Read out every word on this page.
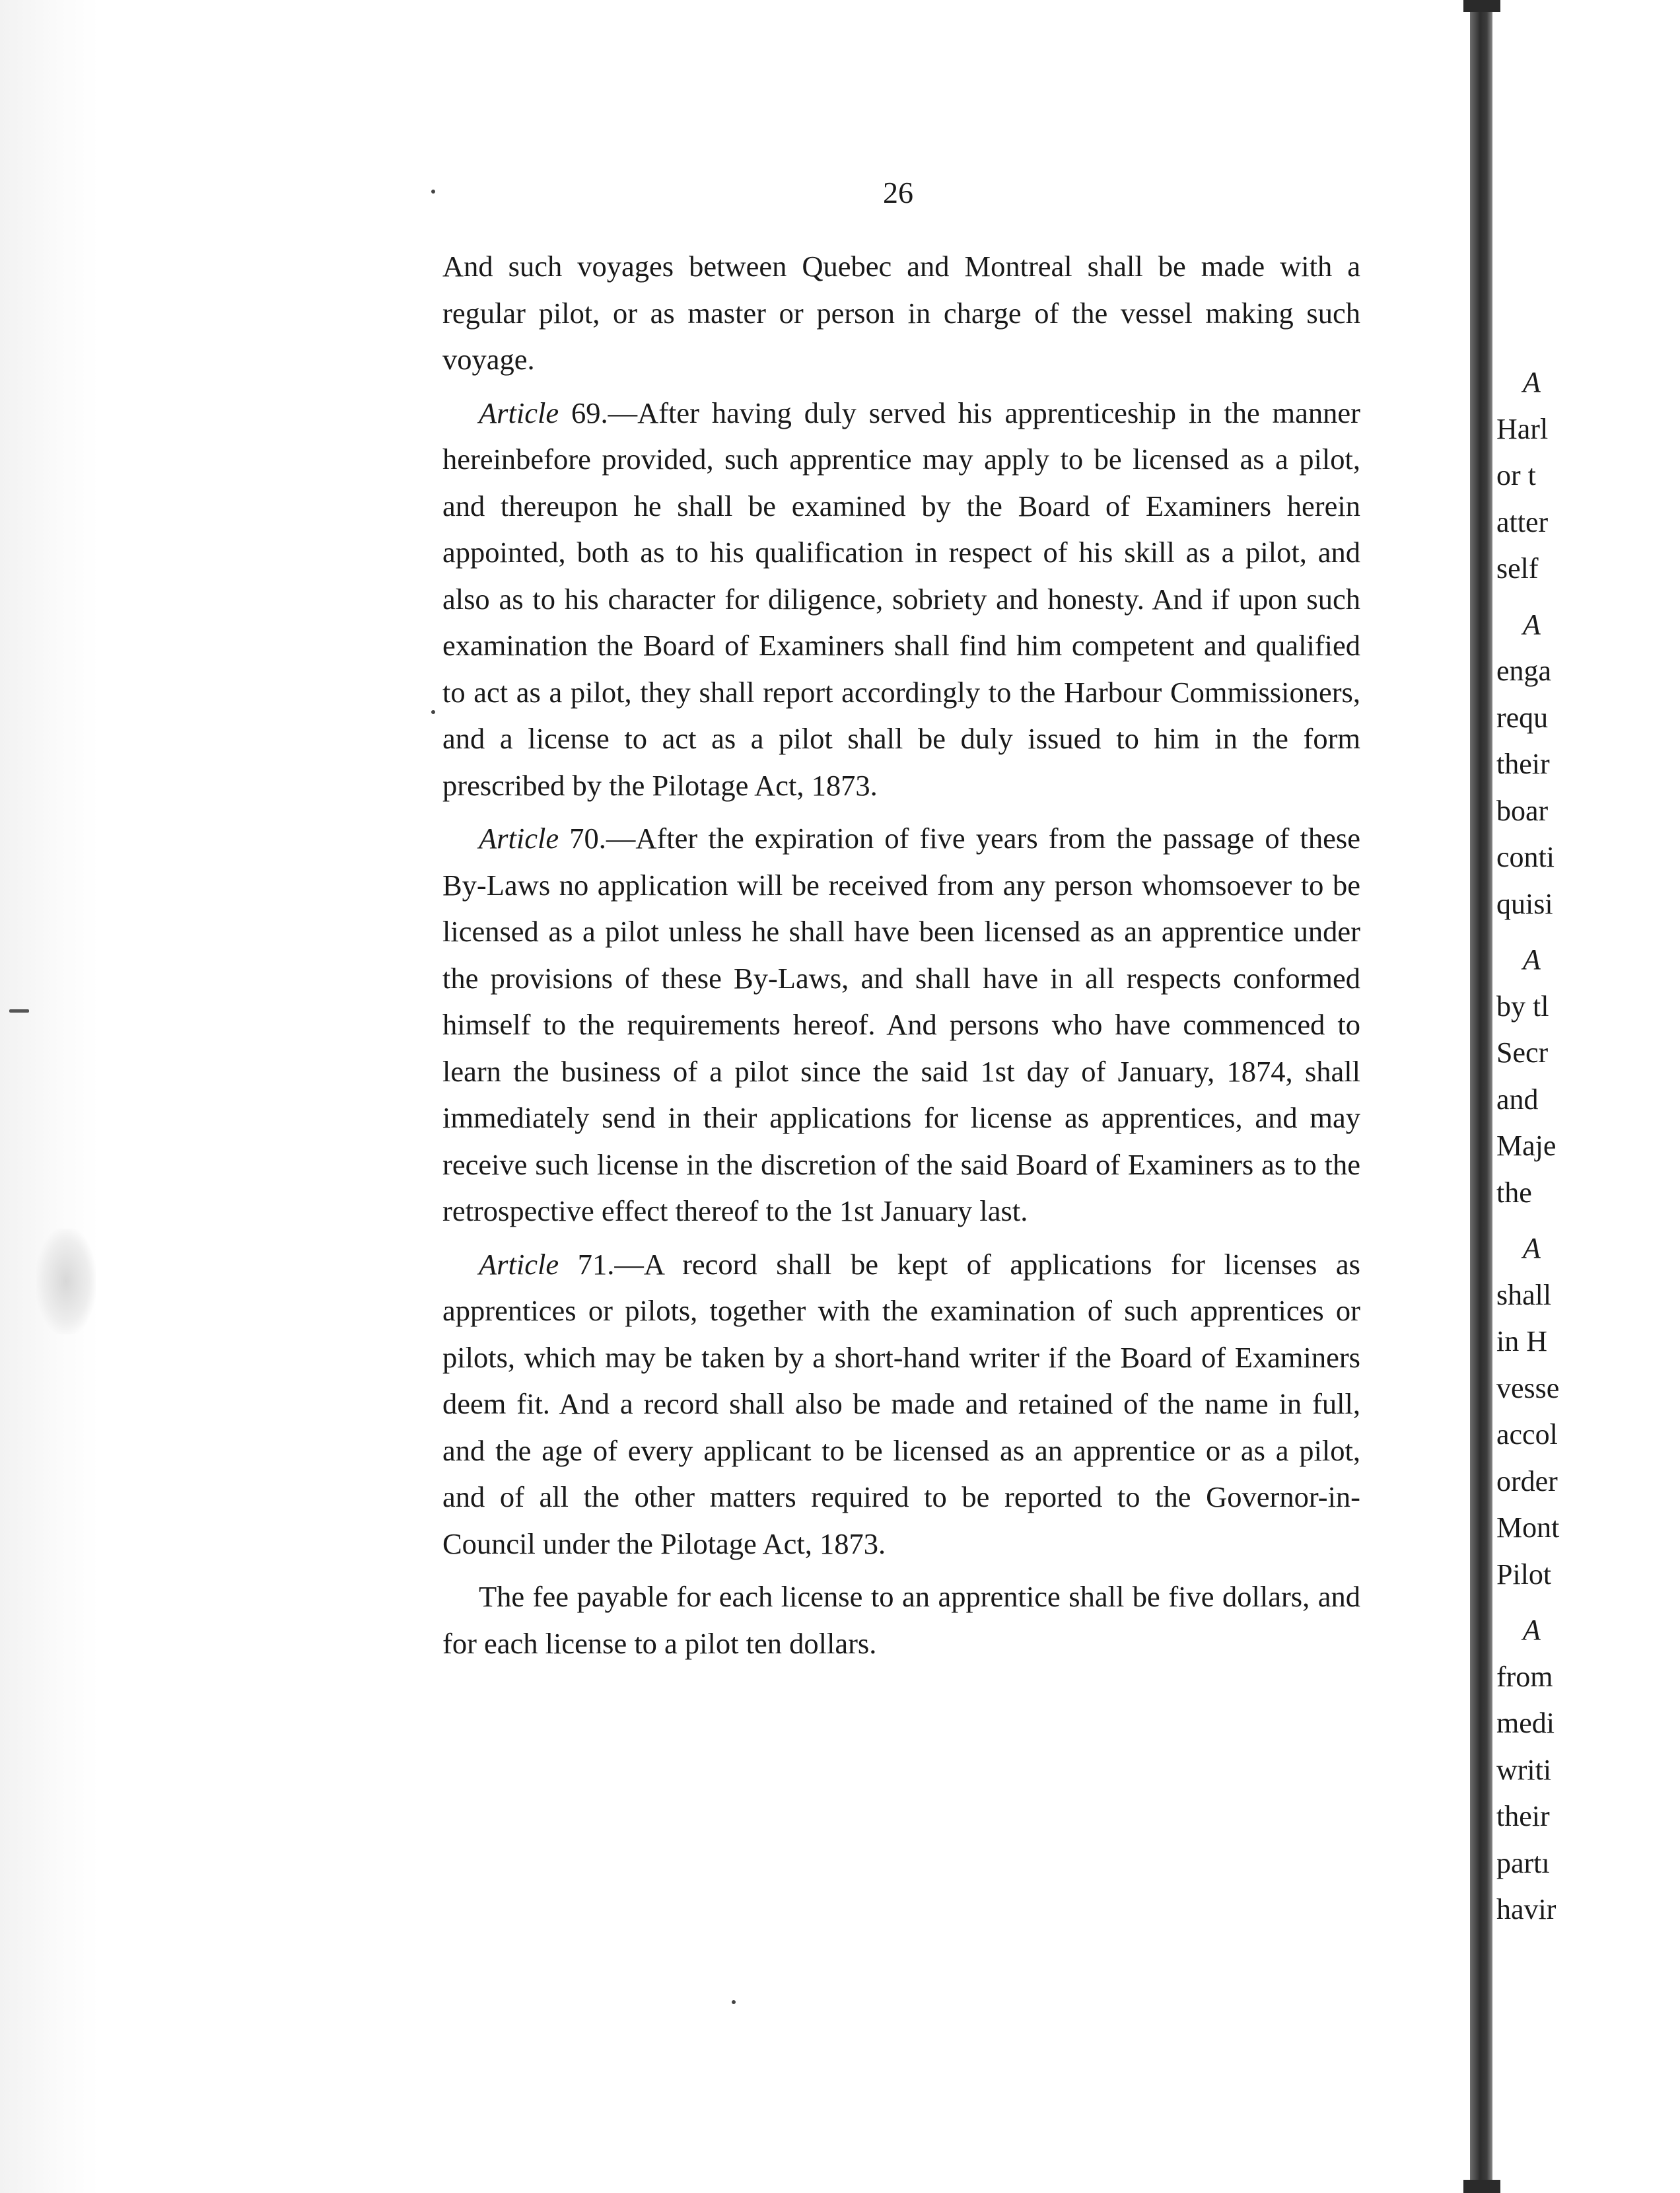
26

And such voyages between Quebec and Montreal shall be made with a regular pilot, or as master or person in charge of the vessel making such voyage.

Article 69.—After having duly served his apprenticeship in the manner hereinbefore provided, such apprentice may apply to be licensed as a pilot, and thereupon he shall be examined by the Board of Examiners herein appointed, both as to his qualification in respect of his skill as a pilot, and also as to his character for diligence, sobriety and honesty. And if upon such examination the Board of Examiners shall find him competent and qualified to act as a pilot, they shall report accordingly to the Harbour Commissioners, and a license to act as a pilot shall be duly issued to him in the form prescribed by the Pilotage Act, 1873.

Article 70.—After the expiration of five years from the passage of these By-Laws no application will be received from any person whomsoever to be licensed as a pilot unless he shall have been licensed as an apprentice under the provisions of these By-Laws, and shall have in all respects conformed himself to the requirements hereof. And persons who have commenced to learn the business of a pilot since the said 1st day of January, 1874, shall immediately send in their applications for license as apprentices, and may receive such license in the discretion of the said Board of Examiners as to the retrospective effect thereof to the 1st January last.

Article 71.—A record shall be kept of applications for licenses as apprentices or pilots, together with the examination of such apprentices or pilots, which may be taken by a short-hand writer if the Board of Examiners deem fit. And a record shall also be made and retained of the name in full, and the age of every applicant to be licensed as an apprentice or as a pilot, and of all the other matters required to be reported to the Governor-in-Council under the Pilotage Act, 1873.

The fee payable for each license to an apprentice shall be five dollars, and for each license to a pilot ten dollars.

A
Harl
or t
atter
self
A
enga
requ
their
boar
conti
quisi
A
by tl
Secr
and
Maje
the
A
shall
in H
vesse
accol
order
Mont
Pilot
A
from
medi
writi
their
partı
havir
